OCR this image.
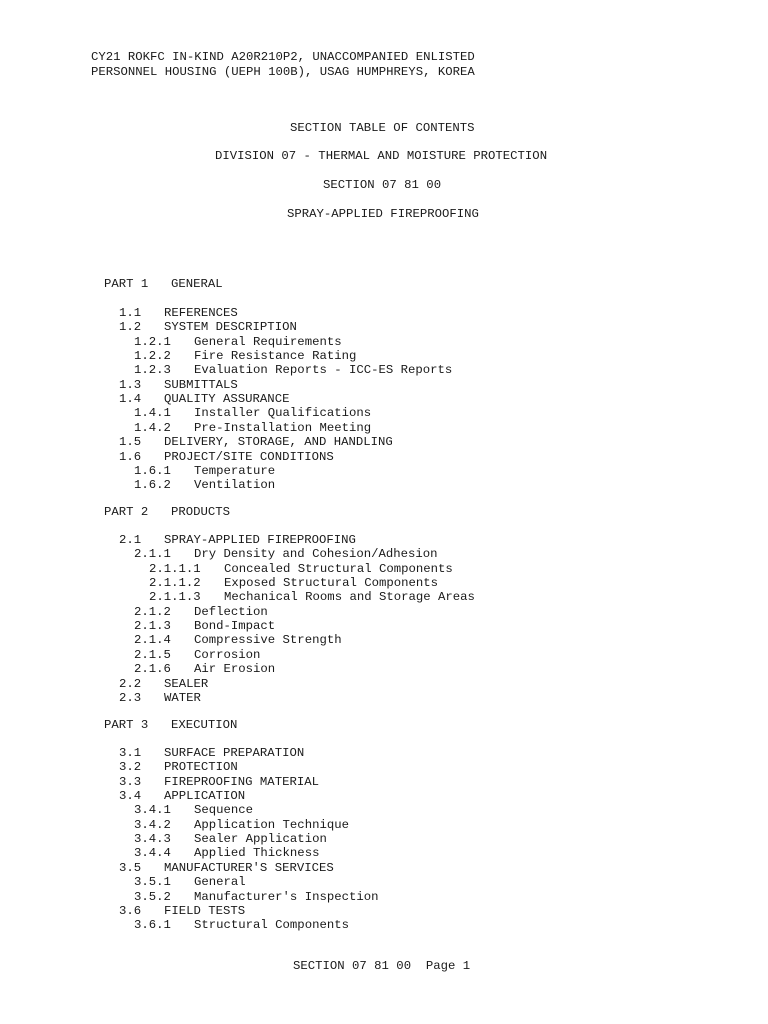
CY21 ROKFC IN-KIND A20R210P2, UNACCOMPANIED ENLISTED
PERSONNEL HOUSING (UEPH 100B), USAG HUMPHREYS, KOREA
SECTION TABLE OF CONTENTS
DIVISION 07 - THERMAL AND MOISTURE PROTECTION
SECTION 07 81 00
SPRAY-APPLIED FIREPROOFING
PART 1 GENERAL
1.1 REFERENCES
1.2 SYSTEM DESCRIPTION
1.2.1 General Requirements
1.2.2 Fire Resistance Rating
1.2.3 Evaluation Reports - ICC-ES Reports
1.3 SUBMITTALS
1.4 QUALITY ASSURANCE
1.4.1 Installer Qualifications
1.4.2 Pre-Installation Meeting
1.5 DELIVERY, STORAGE, AND HANDLING
1.6 PROJECT/SITE CONDITIONS
1.6.1 Temperature
1.6.2 Ventilation
PART 2 PRODUCTS
2.1 SPRAY-APPLIED FIREPROOFING
2.1.1 Dry Density and Cohesion/Adhesion
2.1.1.1 Concealed Structural Components
2.1.1.2 Exposed Structural Components
2.1.1.3 Mechanical Rooms and Storage Areas
2.1.2 Deflection
2.1.3 Bond-Impact
2.1.4 Compressive Strength
2.1.5 Corrosion
2.1.6 Air Erosion
2.2 SEALER
2.3 WATER
PART 3 EXECUTION
3.1 SURFACE PREPARATION
3.2 PROTECTION
3.3 FIREPROOFING MATERIAL
3.4 APPLICATION
3.4.1 Sequence
3.4.2 Application Technique
3.4.3 Sealer Application
3.4.4 Applied Thickness
3.5 MANUFACTURER'S SERVICES
3.5.1 General
3.5.2 Manufacturer's Inspection
3.6 FIELD TESTS
3.6.1 Structural Components
SECTION 07 81 00  Page 1
